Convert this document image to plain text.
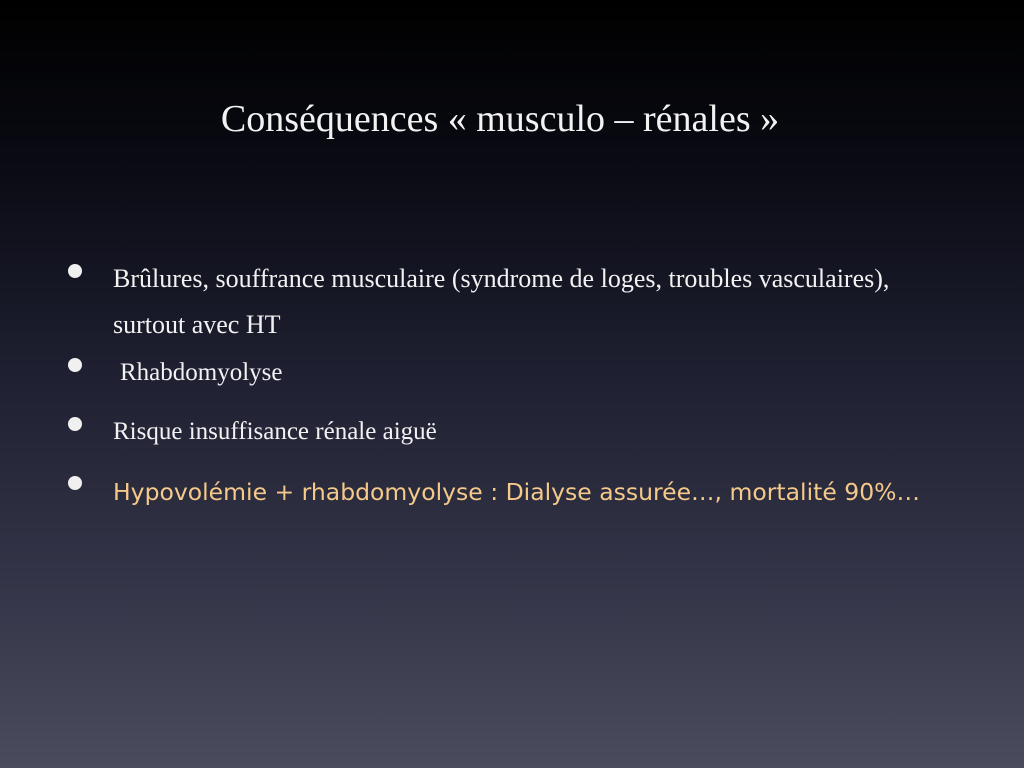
Conséquences « musculo – rénales »
Brûlures, souffrance musculaire (syndrome de loges, troubles vasculaires), surtout avec HT
Rhabdomyolyse
Risque insuffisance rénale aiguë
Hypovolémie + rhabdomyolyse : Dialyse assurée…, mortalité 90%…
